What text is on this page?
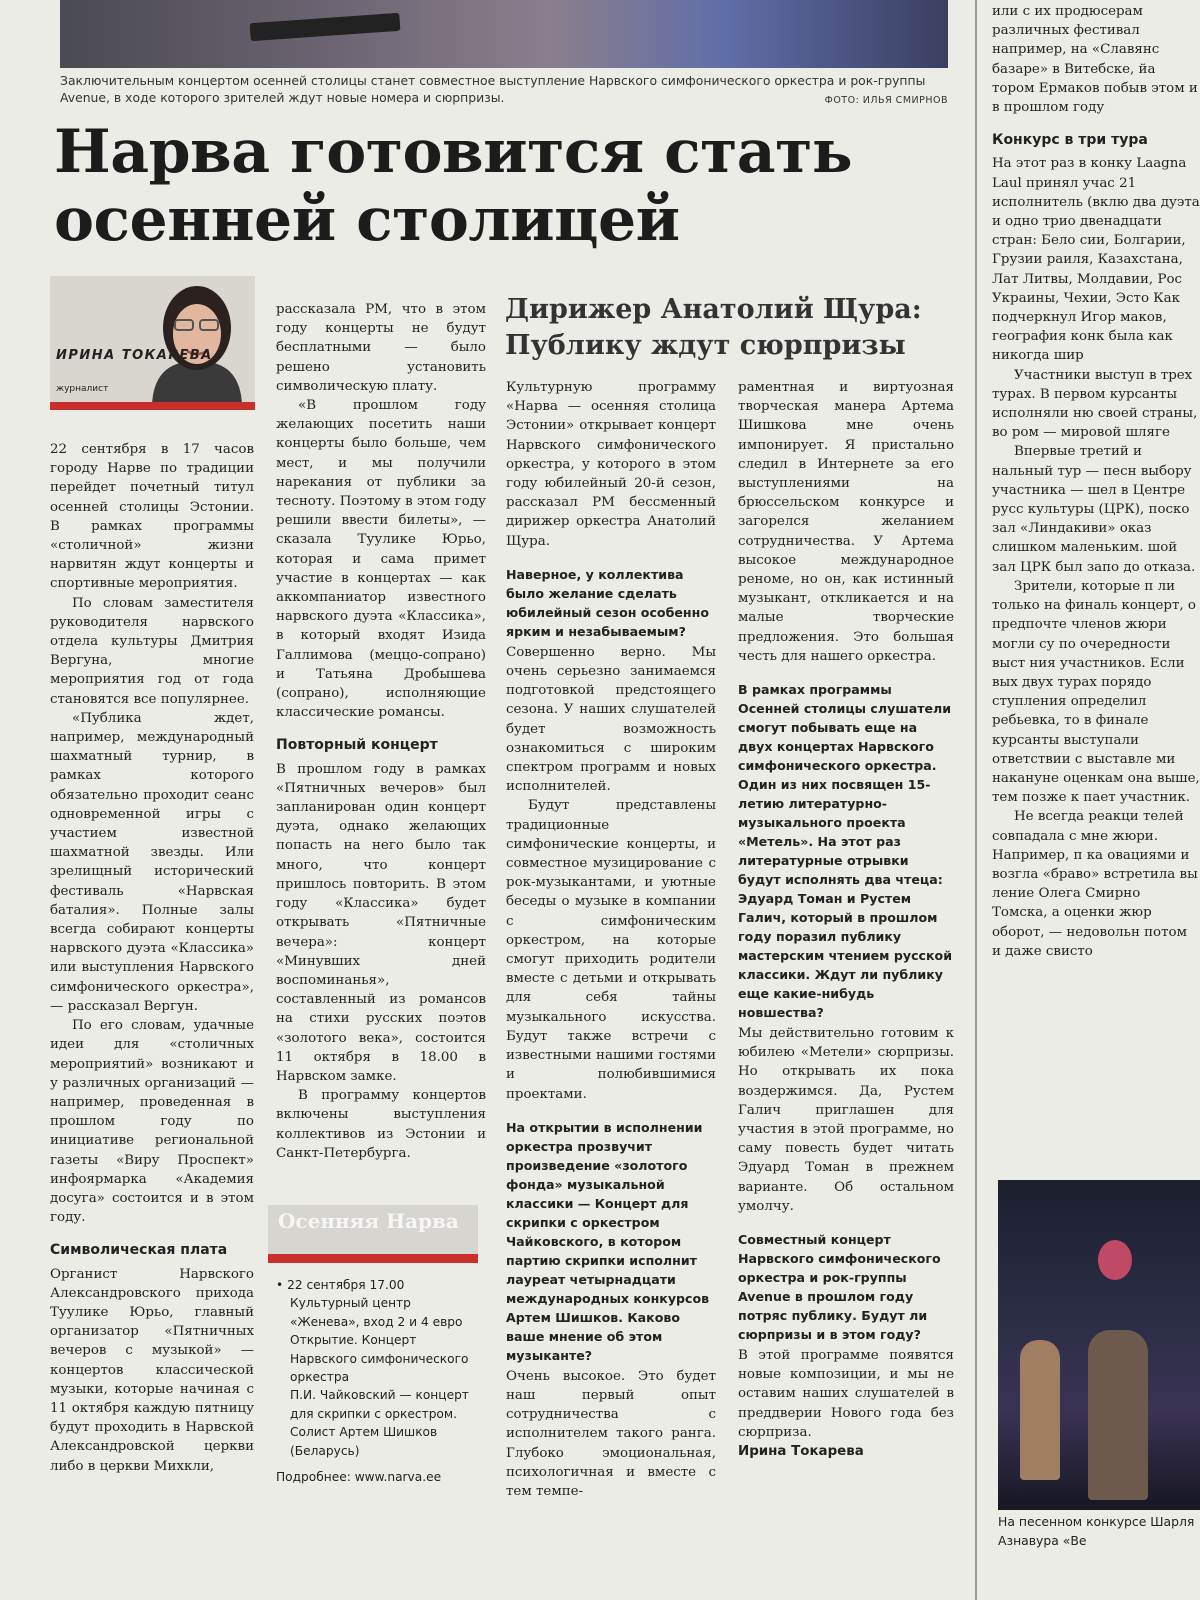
Заключительным концертом осенней столицы станет совместное выступление Нарвского симфонического оркестра и рок-группы Avenue, в ходе которого зрителей ждут новые номера и сюрпризы.	ФОТО: ИЛЬЯ СМИРНОВ
Нарва готовится стать осенней столицей
ИРИНА ТОКАРЕВА
журналист

22 сентября в 17 часов городу Нарве по традиции перейдет почетный титул осенней столицы Эстонии. В рамках программы «столичной» жизни нарвитян ждут концерты и спортивные мероприятия.

По словам заместителя руководителя нарвского отдела культуры Дмитрия Вергуна, многие мероприятия год от года становятся все популярнее.

«Публика ждет, например, международный шахматный турнир, в рамках которого обязательно проходит сеанс одновременной игры с участием известной шахматной звезды. Или зрелищный исторический фестиваль «Нарвская баталия». Полные залы всегда собирают концерты нарвского дуэта «Классика» или выступления Нарвского симфонического оркестра», — рассказал Вергун.

По его словам, удачные идеи для «столичных мероприятий» возникают и у различных организаций — например, проведенная в прошлом году по инициативе региональной газеты «Виру Проспект» инфоярмарка «Академия досуга» состоится и в этом году.

Символическая плата

Органист Нарвского Александровского прихода Туулике Юрьо, главный организатор «Пятничных вечеров с музыкой» — концертов классической музыки, которые начиная с 11 октября каждую пятницу будут проходить в Нарвской Александровской церкви либо в церкви Михкли,

рассказала РМ, что в этом году концерты не будут бесплатными — было решено установить символическую плату.

«В прошлом году желающих посетить наши концерты было больше, чем мест, и мы получили нарекания от публики за тесноту. Поэтому в этом году решили ввести билеты», — сказала Туулике Юрьо, которая и сама примет участие в концертах — как аккомпаниатор известного нарвского дуэта «Классика», в который входят Изида Галлимова (меццо-сопрано) и Татьяна Дробышева (сопрано), исполняющие классические романсы.

Повторный концерт

В прошлом году в рамках «Пятничных вечеров» был запланирован один концерт дуэта, однако желающих попасть на него было так много, что концерт пришлось повторить. В этом году «Классика» будет открывать «Пятничные вечера»: концерт «Минувших дней воспоминанья», составленный из романсов на стихи русских поэтов «золотого века», состоится 11 октября в 18.00 в Нарвском замке.

В программу концертов включены выступления коллективов из Эстонии и Санкт-Петербурга.

Осенняя Нарва
• 22 сентября 17.00
Культурный центр «Женева», вход 2 и 4 евро
Открытие. Концерт Нарвского симфонического оркестра
П.И. Чайковский — концерт для скрипки с оркестром. Солист Артем Шишков (Беларусь)
Подробнее: www.narva.ee
Дирижер Анатолий Щура: Публику ждут сюрпризы

Культурную программу «Нарва — осенняя столица Эстонии» открывает концерт Нарвского симфонического оркестра, у которого в этом году юбилейный 20-й сезон, рассказал РМ бессменный дирижер оркестра Анатолий Щура.

Наверное, у коллектива было желание сделать юбилейный сезон особенно ярким и незабываемым?

Совершенно верно. Мы очень серьезно занимаемся подготовкой предстоящего сезона. У наших слушателей будет возможность ознакомиться с широким спектром программ и новых исполнителей.

Будут представлены традиционные симфонические концерты, и совместное музицирование с рок-музыкантами, и уютные беседы о музыке в компании с симфоническим оркестром, на которые смогут приходить родители вместе с детьми и открывать для себя тайны музыкального искусства. Будут также встречи с известными нашими гостями и полюбившимися проектами.

На открытии в исполнении оркестра прозвучит произведение «золотого фонда» музыкальной классики — Концерт для скрипки с оркестром Чайковского, в котором партию скрипки исполнит лауреат четырнадцати международных конкурсов Артем Шишков. Каково ваше мнение об этом музыканте?

Очень высокое. Это будет наш первый опыт сотрудничества с исполнителем такого ранга. Глубоко эмоциональная, психологичная и вместе с тем темпе-

раментная и виртуозная творческая манера Артема Шишкова мне очень импонирует. Я пристально следил в Интернете за его выступлениями на брюссельском конкурсе и загорелся желанием сотрудничества. У Артема высокое международное реноме, но он, как истинный музыкант, откликается и на малые творческие предложения. Это большая честь для нашего оркестра.

В рамках программы Осенней столицы слушатели смогут побывать еще на двух концертах Нарвского симфонического оркестра. Один из них посвящен 15-летию литературно-музыкального проекта «Метель». На этот раз литературные отрывки будут исполнять два чтеца: Эдуард Томан и Рустем Галич, который в прошлом году поразил публику мастерским чтением русской классики. Ждут ли публику еще какие-нибудь новшества?

Мы действительно готовим к юбилею «Метели» сюрпризы. Но открывать их пока воздержимся. Да, Рустем Галич приглашен для участия в этой программе, но саму повесть будет читать Эдуард Томан в прежнем варианте. Об остальном умолчу.

Совместный концерт Нарвского симфонического оркестра и рок-группы Avenue в прошлом году потряс публику. Будут ли сюрпризы и в этом году?

В этой программе появятся новые композиции, и мы не оставим наших слушателей в преддверии Нового года без сюрприза.

Ирина Токарева

или с их продюсерам различных фестивал например, на «Славянс базаре» в Витебске, йа тором Ермаков побыв этом и в прошлом году

Конкурс в три тура

На этот раз в конку Laagna Laul принял учас 21 исполнитель (вклю два дуэта и одно трио двенадцати стран: Бело сии, Болгарии, Грузии раиля, Казахстана, Лат Литвы, Молдавии, Рос Украины, Чехии, Эсто Как подчеркнул Игор маков, география конк была как никогда шир

Участники выступ в трех турах. В первом курсанты исполняли ню своей страны, во ром — мировой шляге

Впервые третий и нальный тур — песн выбору участника — шел в Центре русс культуры (ЦРК), поско зал «Линдакиви» оказ слишком маленьким. шой зал ЦРК был запо до отказа.

Зрители, которые п ли только на финаль концерт, о предпочте членов жюри могли су по очередности выст ния участников. Если вых двух турах порядо ступления определил ребьевка, то в финале курсанты выступали ответствии с выставле ми накануне оценкам она выше, тем позже к пает участник.

Не всегда реакци телей совпадала с мне жюри. Например, п ка овациями и возгла «браво» встретила вы ление Олега Смирно Томска, а оценки жюр оборот, — недовольн потом и даже свисто

На песенном конкурсе Шарля Азнавура «Ве
